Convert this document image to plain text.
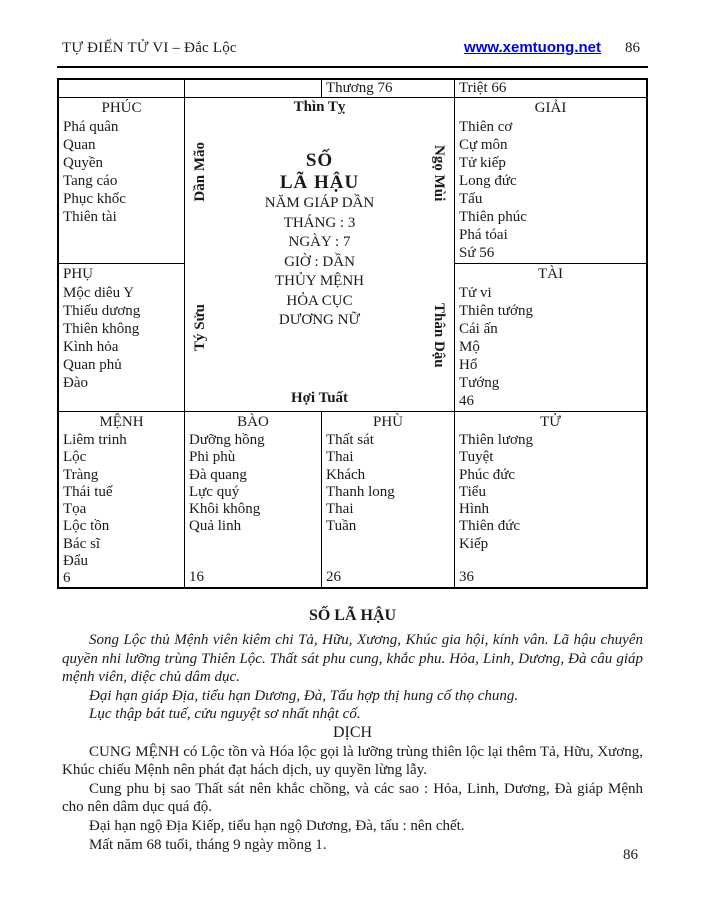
TỰ ĐIỂN TỬ VI – Đắc Lộc	www.xemtuong.net 86
Thương 76	Triệt 66
PHÚC
Phá quân
Quan
Quyền
Tang cáo
Phục khốc
Thiên tài
Thìn Tỵ
Dần Mão
Tý Sửu
Ngọ Mùi
Thân Dậu
SỐ
LÃ HẬU
NĂM GIÁP DẦN
THÁNG : 3
NGÀY : 7
GIỜ : DẦN
THỦY MỆNH
HỎA CỤC
DƯƠNG NỮ
Hợi Tuất
GIẢI
Thiên cơ
Cự môn
Tử kiếp
Long đức
Tấu
Thiên phúc
Phá tóai
Sứ 56
PHỤ
Mộc diêu Y
Thiếu dương
Thiên không
Kình hỏa
Quan phủ
Đào
TÀI
Tử vi
Thiên tướng
Cái ấn
Mộ
Hổ
Tướng
46
MỆNH
Liêm trinh
Lộc
Tràng
Thái tuế
Tọa
Lộc tồn
Bác sĩ
Đẩu
6
BÀO
Dưỡng hồng
Phi phù
Đà quang
Lực quý
Khôi không
Quả linh
16
PHÙ
Thất sát
Thai
Khách
Thanh long
Thai
Tuần
26
TỬ
Thiên lương
Tuyệt
Phúc đức
Tiểu
Hình
Thiên đức
Kiếp
36
SỐ LÃ HẬU

Song Lộc thủ Mệnh viên kiêm chi Tả, Hữu, Xương, Khúc gia hội, kính vân. Lã hậu chuyên quyền nhi lưỡng trùng Thiên Lộc. Thất sát phu cung, khắc phu. Hỏa, Linh, Dương, Đà câu giáp mệnh viên, diệc chủ dâm dục.

Đại hạn giáp Địa, tiểu hạn Dương, Đà, Tấu hợp thị hung cố thọ chung.

Lục thập bát tuế, cửu nguyệt sơ nhất nhật cố.

DỊCH

CUNG MỆNH có Lộc tồn và Hóa lộc gọi là lưỡng trùng thiên lộc lại thêm Tả, Hữu, Xương, Khúc chiếu Mệnh nên phát đạt hách dịch, uy quyền lừng lẫy.

Cung phu bị sao Thất sát nên khắc chồng, và các sao : Hỏa, Linh, Dương, Đà giáp Mệnh cho nên dâm dục quá độ.

Đại hạn ngộ Địa Kiếp, tiểu hạn ngộ Dương, Đà, tấu : nên chết.

Mất năm 68 tuổi, tháng 9 ngày mồng 1.

86
